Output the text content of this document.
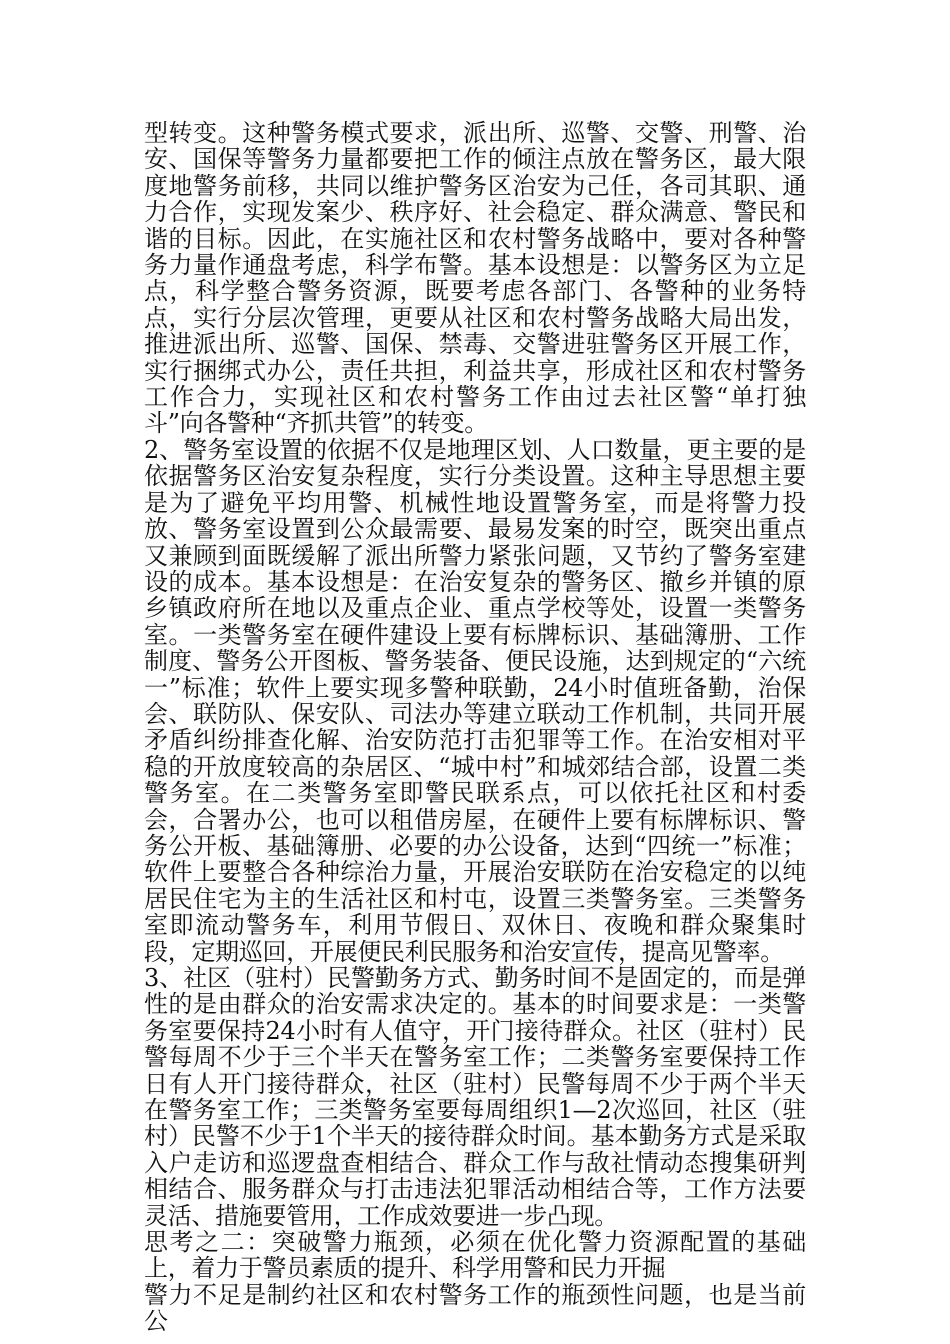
型转变。这种警务模式要求，派出所、巡警、交警、刑警、治安、国保等警务力量都要把工作的倾注点放在警务区，最大限度地警务前移，共同以维护警务区治安为己任，各司其职、通力合作，实现发案少、秩序好、社会稳定、群众满意、警民和谐的目标。因此，在实施社区和农村警务战略中，要对各种警务力量作通盘考虑，科学布警。基本设想是：以警务区为立足点，科学整合警务资源，既要考虑各部门、各警种的业务特点，实行分层次管理，更要从社区和农村警务战略大局出发，推进派出所、巡警、国保、禁毒、交警进驻警务区开展工作，实行捆绑式办公，责任共担，利益共享，形成社区和农村警务工作合力，实现社区和农村警务工作由过去社区警“单打独斗”向各警种“齐抓共管”的转变。

2、警务室设置的依据不仅是地理区划、人口数量，更主要的是依据警务区治安复杂程度，实行分类设置。这种主导思想主要是为了避免平均用警、机械性地设置警务室，而是将警力投放、警务室设置到公众最需要、最易发案的时空，既突出重点又兼顾到面既缓解了派出所警力紧张问题，又节约了警务室建设的成本。基本设想是：在治安复杂的警务区、撤乡并镇的原乡镇政府所在地以及重点企业、重点学校等处，设置一类警务室。一类警务室在硬件建设上要有标牌标识、基础簿册、工作制度、警务公开图板、警务装备、便民设施，达到规定的“六统一”标准；软件上要实现多警种联勤，24小时值班备勤，治保会、联防队、保安队、司法办等建立联动工作机制，共同开展矛盾纠纷排查化解、治安防范打击犯罪等工作。在治安相对平稳的开放度较高的杂居区、“城中村”和城郊结合部，设置二类警务室。在二类警务室即警民联系点，可以依托社区和村委会，合署办公，也可以租借房屋，在硬件上要有标牌标识、警务公开板、基础簿册、必要的办公设备，达到“四统一”标准；软件上要整合各种综治力量，开展治安联防在治安稳定的以纯居民住宅为主的生活社区和村屯，设置三类警务室。三类警务室即流动警务车，利用节假日、双休日、夜晚和群众聚集时段，定期巡回，开展便民利民服务和治安宣传，提高见警率。

3、社区（驻村）民警勤务方式、勤务时间不是固定的，而是弹性的是由群众的治安需求决定的。基本的时间要求是：一类警务室要保持24小时有人值守，开门接待群众。社区（驻村）民警每周不少于三个半天在警务室工作；二类警务室要保持工作日有人开门接待群众，社区（驻村）民警每周不少于两个半天在警务室工作；三类警务室要每周组织1—2次巡回，社区（驻村）民警不少于1个半天的接待群众时间。基本勤务方式是采取入户走访和巡逻盘查相结合、群众工作与敌社情动态搜集研判相结合、服务群众与打击违法犯罪活动相结合等，工作方法要灵活、措施要管用，工作成效要进一步凸现。

思考之二：突破警力瓶颈，必须在优化警力资源配置的基础上，着力于警员素质的提升、科学用警和民力开掘

警力不足是制约社区和农村警务工作的瓶颈性问题，也是当前公
